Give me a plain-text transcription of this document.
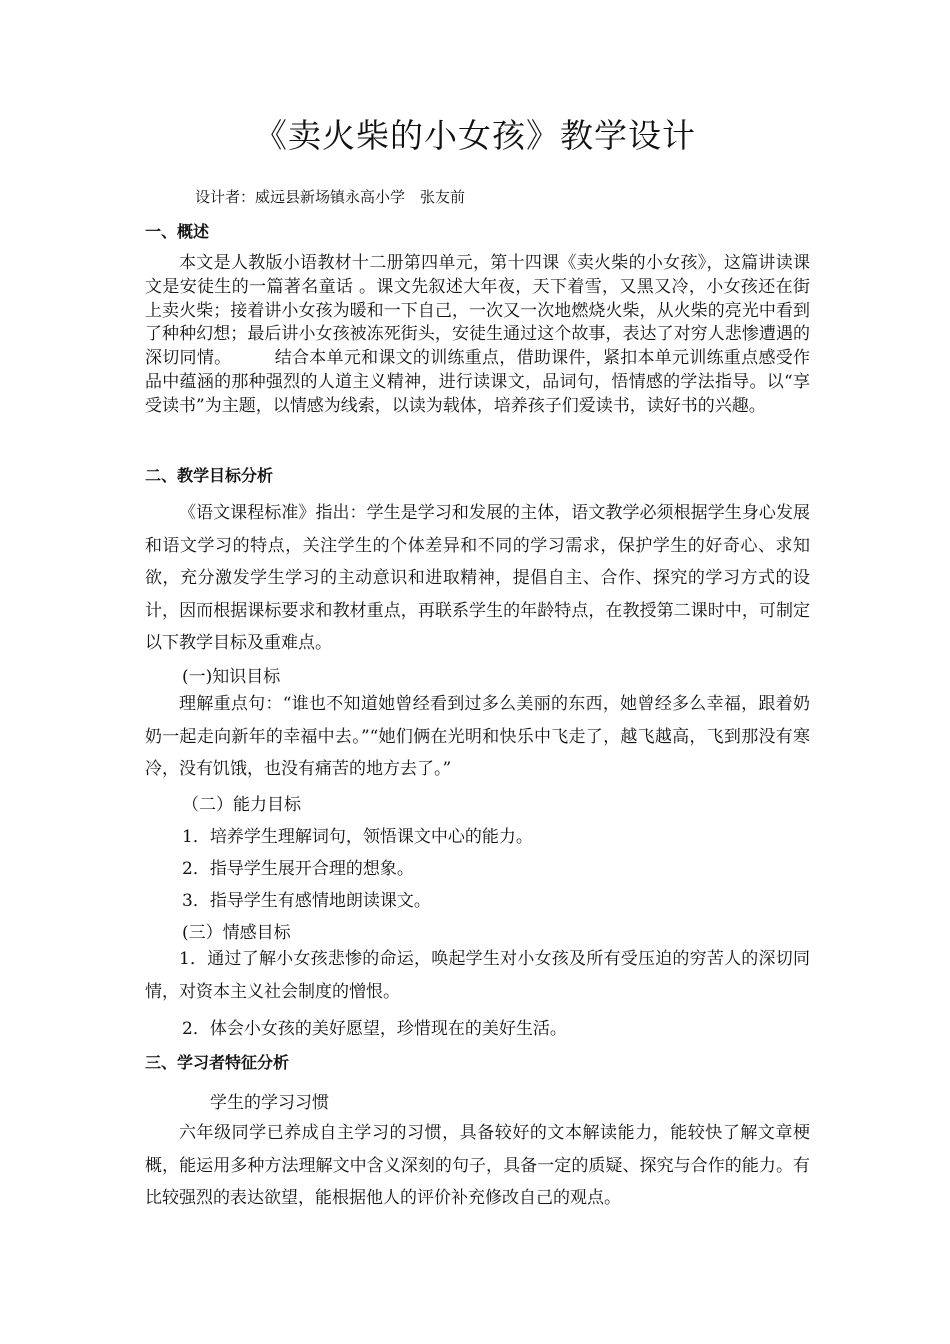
《卖火柴的小女孩》教学设计
设计者：威远县新场镇永高小学　张友前
一、概述
本文是人教版小语教材十二册第四单元，第十四课《卖火柴的小女孩》，这篇讲读课文是安徒生的一篇著名童话 。课文先叙述大年夜，天下着雪，又黑又冷，小女孩还在街上卖火柴；接着讲小女孩为暖和一下自己，一次又一次地燃烧火柴，从火柴的亮光中看到了种种幻想；最后讲小女孩被冻死街头，安徒生通过这个故事，表达了对穷人悲惨遭遇的深切同情。　　　结合本单元和课文的训练重点，借助课件，紧扣本单元训练重点感受作品中蕴涵的那种强烈的人道主义精神，进行读课文，品词句，悟情感的学法指导。以“享受读书”为主题，以情感为线索，以读为载体，培养孩子们爱读书，读好书的兴趣。
二、教学目标分析
《语文课程标准》指出：学生是学习和发展的主体，语文教学必须根据学生身心发展和语文学习的特点，关注学生的个体差异和不同的学习需求，保护学生的好奇心、求知欲，充分激发学生学习的主动意识和进取精神，提倡自主、合作、探究的学习方式的设计，因而根据课标要求和教材重点，再联系学生的年龄特点，在教授第二课时中，可制定以下教学目标及重难点。
(一)知识目标
理解重点句：“谁也不知道她曾经看到过多么美丽的东西，她曾经多么幸福，跟着奶奶一起走向新年的幸福中去。”“她们俩在光明和快乐中飞走了，越飞越高，飞到那没有寒冷，没有饥饿，也没有痛苦的地方去了。”
（二）能力目标
1．培养学生理解词句，领悟课文中心的能力。
2．指导学生展开合理的想象。
3．指导学生有感情地朗读课文。
(三）情感目标
1．通过了解小女孩悲惨的命运，唤起学生对小女孩及所有受压迫的穷苦人的深切同情，对资本主义社会制度的憎恨。
2．体会小女孩的美好愿望，珍惜现在的美好生活。
三、学习者特征分析
学生的学习习惯
六年级同学已养成自主学习的习惯，具备较好的文本解读能力，能较快了解文章梗概，能运用多种方法理解文中含义深刻的句子，具备一定的质疑、探究与合作的能力。有比较强烈的表达欲望，能根据他人的评价补充修改自己的观点。
